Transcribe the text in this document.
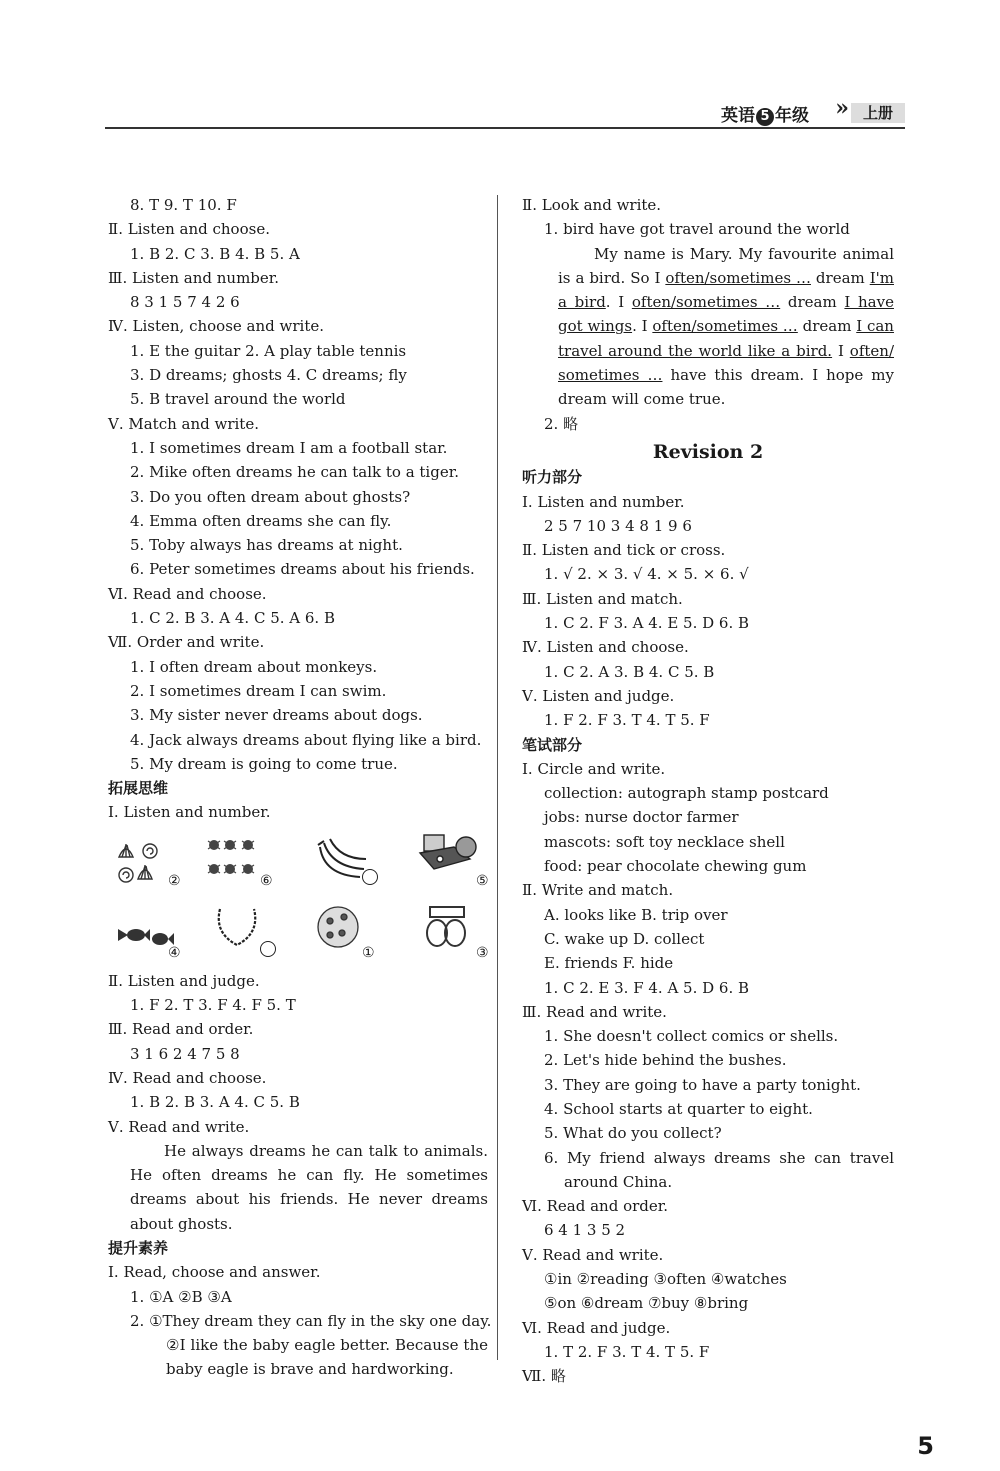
英语 5 年级 »	上册
8. T 9. T 10. F
Ⅱ. Listen and choose.
1. B 2. C 3. B 4. B 5. A
Ⅲ. Listen and number.
8 3 1 5 7 4 2 6
Ⅳ. Listen, choose and write.
1. E the guitar 2. A play table tennis
3. D dreams; ghosts 4. C dreams; fly
5. B travel around the world
Ⅴ. Match and write.
1. I sometimes dream I am a football star.
2. Mike often dreams he can talk to a tiger.
3. Do you often dream about ghosts?
4. Emma often dreams she can fly.
5. Toby always has dreams at night.
6. Peter sometimes dreams about his friends.
Ⅵ. Read and choose.
1. C 2. B 3. A 4. C 5. A 6. B
Ⅶ. Order and write.
1. I often dream about monkeys.
2. I sometimes dream I can swim.
3. My sister never dreams about dogs.
4. Jack always dreams about flying like a bird.
5. My dream is going to come true.
拓展思维
Ⅰ. Listen and number.
②	⑥	⑤
④	①	③
Ⅱ. Listen and judge.
1. F 2. T 3. F 4. F 5. T
Ⅲ. Read and order.
3 1 6 2 4 7 5 8
Ⅳ. Read and choose.
1. B 2. B 3. A 4. C 5. B
Ⅴ. Read and write.
He always dreams he can talk to animals. He often dreams he can fly. He sometimes dreams about his friends. He never dreams about ghosts.
提升素养
Ⅰ. Read, choose and answer.
1. ①A ②B ③A
2. ①They dream they can fly in the sky one day.
②I like the baby eagle better. Because the baby eagle is brave and hardworking.
Ⅱ. Look and write.
1. bird have got travel around the world
My name is Mary. My favourite animal is a bird. So I often/sometimes … dream I'm a bird. I often/sometimes … dream I have got wings. I often/sometimes … dream I can travel around the world like a bird. I often/ sometimes … have this dream. I hope my dream will come true.
2. 略
Revision 2
听力部分
Ⅰ. Listen and number.
2 5 7 10 3 4 8 1 9 6
Ⅱ. Listen and tick or cross.
1. √ 2. × 3. √ 4. × 5. × 6. √
Ⅲ. Listen and match.
1. C 2. F 3. A 4. E 5. D 6. B
Ⅳ. Listen and choose.
1. C 2. A 3. B 4. C 5. B
Ⅴ. Listen and judge.
1. F 2. F 3. T 4. T 5. F
笔试部分
Ⅰ. Circle and write.
collection: autograph stamp postcard
jobs: nurse doctor farmer
mascots: soft toy necklace shell
food: pear chocolate chewing gum
Ⅱ. Write and match.
A. looks like B. trip over
C. wake up D. collect
E. friends F. hide
1. C 2. E 3. F 4. A 5. D 6. B
Ⅲ. Read and write.
1. She doesn't collect comics or shells.
2. Let's hide behind the bushes.
3. They are going to have a party tonight.
4. School starts at quarter to eight.
5. What do you collect?
6. My friend always dreams she can travel around China.
Ⅵ. Read and order.
6 4 1 3 5 2
Ⅴ. Read and write.
①in ②reading ③often ④watches
⑤on ⑥dream ⑦buy ⑧bring
Ⅵ. Read and judge.
1. T 2. F 3. T 4. T 5. F
Ⅶ. 略
5
